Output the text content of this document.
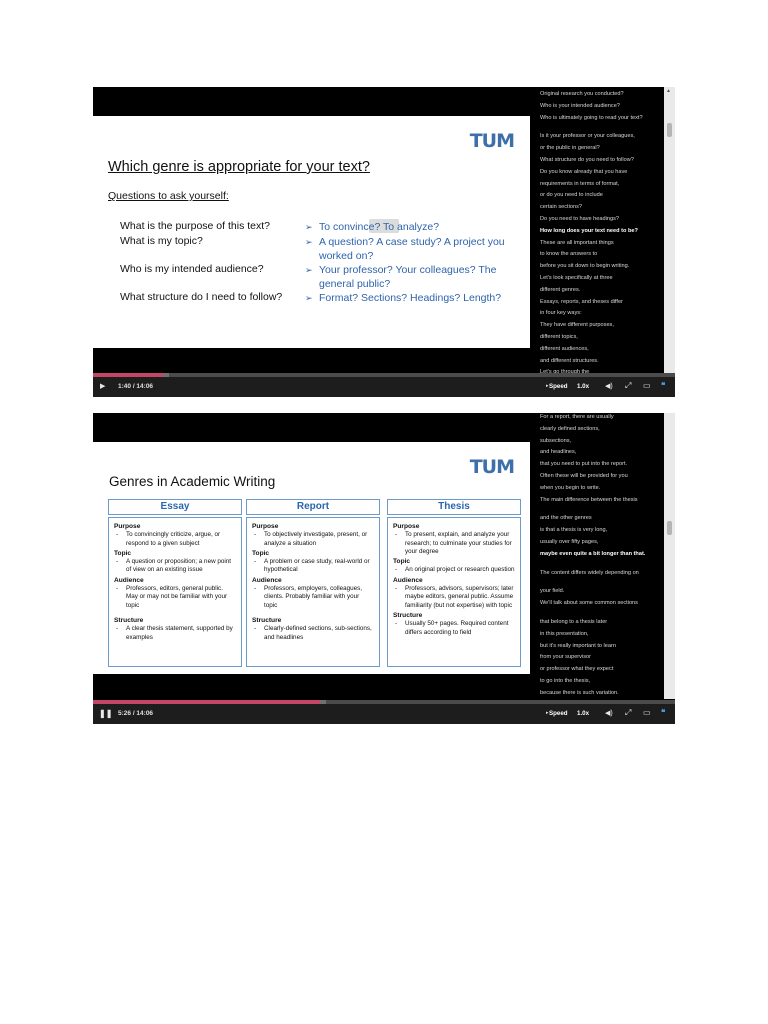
TUM
Which genre is appropriate for your text?
Questions to ask yourself:
What is the purpose of this text?
What is my topic?
Who is my intended audience?
What structure do I need to follow?
➢ To convince? To analyze?
➢ A question? A case study? A project you worked on?
➢ Your professor? Your colleagues? The general public?
➢ Format? Sections? Headings? Length?
Original research you conducted?
Who is your intended audience?
Who is ultimately going to read your text?
Is it your professor or your colleagues,
or the public in general?
What structure do you need to follow?
Do you know already that you have
requirements in terms of format,
or do you need to include
certain sections?
Do you need to have headings?
How long does your text need to be?
These are all important things
to know the answers to
before you sit down to begin writing.
Let's look specifically at three
different genres.
Essays, reports, and theses differ
in four key ways:
They have different purposes,
different topics,
different audiences,
and different structures.
▲
▶ 1:40 / 14:06	▸ Speed 1.0x ◀) ⤢ ▭ ❝
TUM
Genres in Academic Writing
Essay
Purpose
- To convincingly criticize, argue, or respond to a given subject
Topic
- A question or proposition; a new point of view on an existing issue
Audience
- Professors, editors, general public. May or may not be familiar with your topic
Structure
- A clear thesis statement, supported by examples
Report
Purpose
- To objectively investigate, present, or analyze a situation
Topic
- A problem or case study, real-world or hypothetical
Audience
- Professors, employers, colleagues, clients. Probably familiar with your topic
Structure
- Clearly-defined sections, sub-sections, and headlines
Thesis
Purpose
- To present, explain, and analyze your research; to culminate your studies for your degree
Topic
- An original project or research question
Audience
- Professors, advisors, supervisors; later maybe editors, general public. Assume familiarity (but not expertise) with topic
Structure
- Usually 50+ pages. Required content differs according to field
For a report, there are usually
clearly defined sections,
subsections,
and headlines,
that you need to put into the report.
Often these will be provided for you
when you begin to write.
The main difference between the thesis
and the other genres
is that a thesis is very long,
usually over fifty pages,
maybe even quite a bit longer than that.
The content differs widely depending on
your field.
We'll talk about some common sections
that belong to a thesis later
in this presentation,
but it's really important to learn
from your supervisor
or professor what they expect
to go into the thesis,
because there is such variation.
❚❚ 5:26 / 14:06	▸ Speed 1.0x ◀) ⤢ ▭ ❝
